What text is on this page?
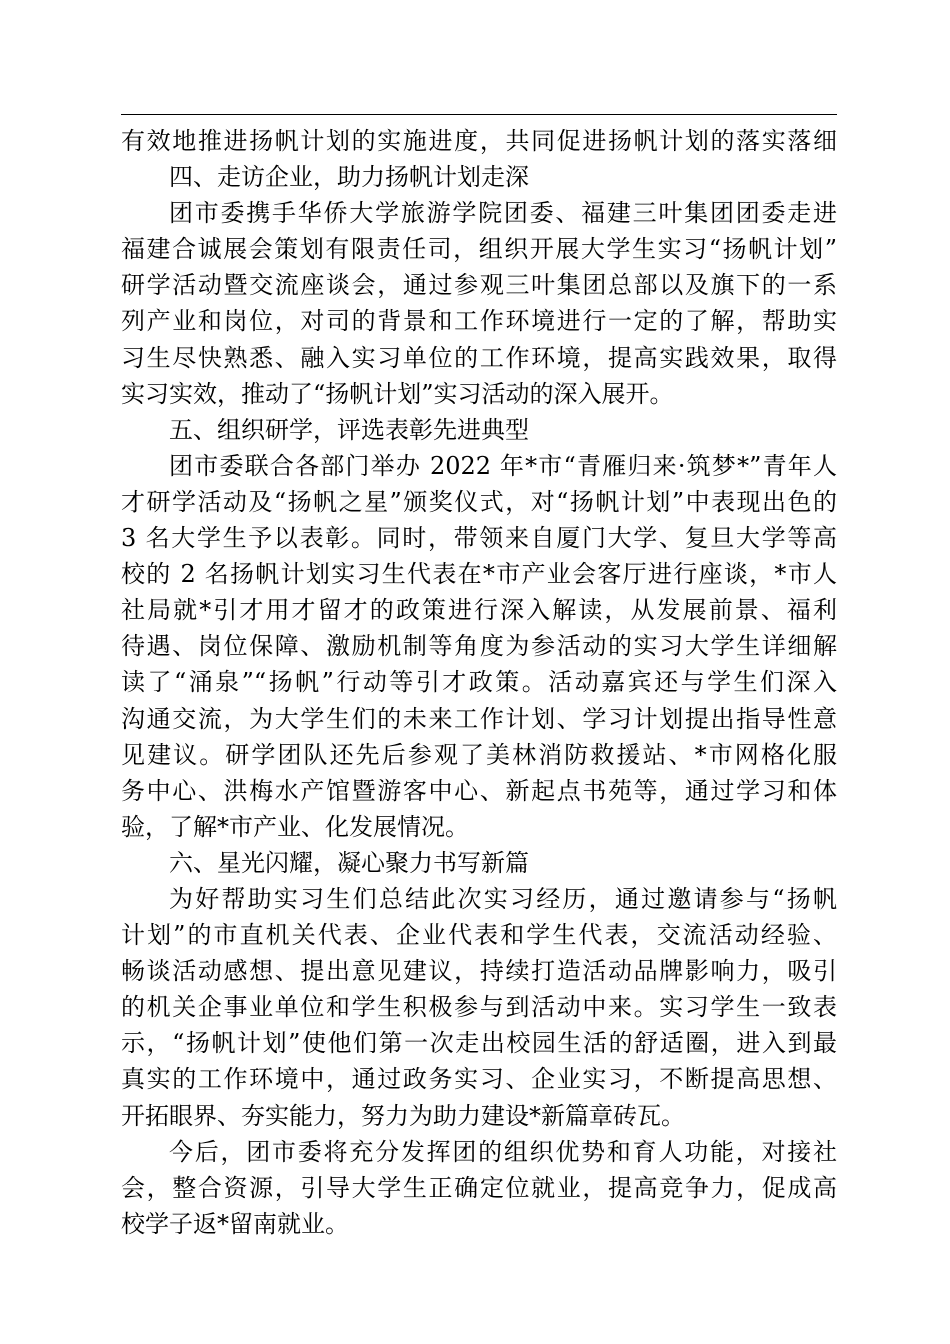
有效地推进扬帆计划的实施进度，共同促进扬帆计划的落实落细
四、走访企业，助力扬帆计划走深
团市委携手华侨大学旅游学院团委、福建三叶集团团委走进
福建合诚展会策划有限责任司，组织开展大学生实习“扬帆计划”
研学活动暨交流座谈会，通过参观三叶集团总部以及旗下的一系
列产业和岗位，对司的背景和工作环境进行一定的了解，帮助实
习生尽快熟悉、融入实习单位的工作环境，提高实践效果，取得
实习实效，推动了“扬帆计划”实习活动的深入展开。
五、组织研学，评选表彰先进典型
团市委联合各部门举办 2022 年*市“青雁归来·筑梦*”青年人
才研学活动及“扬帆之星”颁奖仪式，对“扬帆计划”中表现出色的
3 名大学生予以表彰。同时，带领来自厦门大学、复旦大学等高
校的 2 名扬帆计划实习生代表在*市产业会客厅进行座谈，*市人
社局就*引才用才留才的政策进行深入解读，从发展前景、福利
待遇、岗位保障、激励机制等角度为参活动的实习大学生详细解
读了“涌泉”“扬帆”行动等引才政策。活动嘉宾还与学生们深入
沟通交流，为大学生们的未来工作计划、学习计划提出指导性意
见建议。研学团队还先后参观了美林消防救援站、*市网格化服
务中心、洪梅水产馆暨游客中心、新起点书苑等，通过学习和体
验，了解*市产业、化发展情况。
六、星光闪耀，凝心聚力书写新篇
为好帮助实习生们总结此次实习经历，通过邀请参与“扬帆
计划”的市直机关代表、企业代表和学生代表，交流活动经验、
畅谈活动感想、提出意见建议，持续打造活动品牌影响力，吸引
的机关企事业单位和学生积极参与到活动中来。实习学生一致表
示，“扬帆计划”使他们第一次走出校园生活的舒适圈，进入到最
真实的工作环境中，通过政务实习、企业实习，不断提高思想、
开拓眼界、夯实能力，努力为助力建设*新篇章砖瓦。
今后，团市委将充分发挥团的组织优势和育人功能，对接社
会，整合资源，引导大学生正确定位就业，提高竞争力，促成高
校学子返*留南就业。
